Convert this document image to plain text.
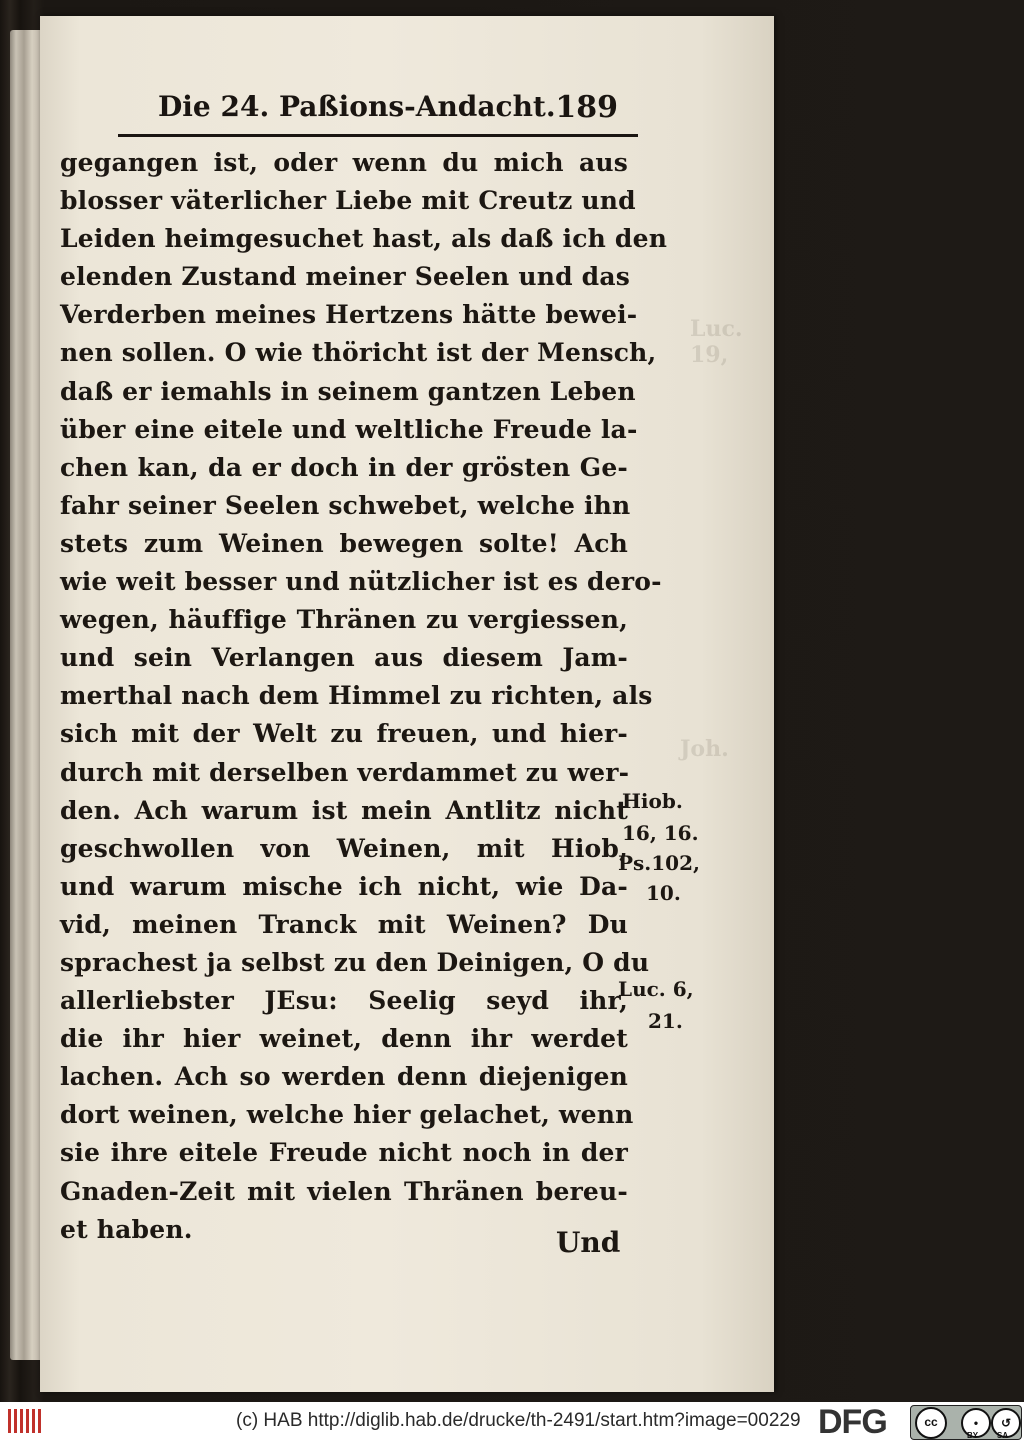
Luc. 19,
Joh.
Die 24. Paßions-Andacht. 189
gegangen ist, oder wenn du mich aus
blosser väterlicher Liebe mit Creutz und
Leiden heimgesuchet hast, als daß ich den
elenden Zustand meiner Seelen und das
Verderben meines Hertzens hätte bewei-
nen sollen. O wie thöricht ist der Mensch,
daß er iemahls in seinem gantzen Leben
über eine eitele und weltliche Freude la-
chen kan, da er doch in der grösten Ge-
fahr seiner Seelen schwebet, welche ihn
stets zum Weinen bewegen solte! Ach
wie weit besser und nützlicher ist es dero-
wegen, häuffige Thränen zu vergiessen,
und sein Verlangen aus diesem Jam-
merthal nach dem Himmel zu richten, als
sich mit der Welt zu freuen, und hier-
durch mit derselben verdammet zu wer-
den. Ach warum ist mein Antlitz nicht
geschwollen von Weinen, mit Hiob,
und warum mische ich nicht, wie Da-
vid, meinen Tranck mit Weinen? Du
sprachest ja selbst zu den Deinigen, O du
allerliebster JEsu: Seelig seyd ihr,
die ihr hier weinet, denn ihr werdet
lachen. Ach so werden denn diejenigen
dort weinen, welche hier gelachet, wenn
sie ihre eitele Freude nicht noch in der
Gnaden-Zeit mit vielen Thränen bereu-
et haben.
Hiob.
16, 16.
Ps.102,
10.
Luc. 6,
21.
Und
(c) HAB http://diglib.hab.de/drucke/th-2491/start.htm?image=00229 DFG	cc	•	↺
BY SA
